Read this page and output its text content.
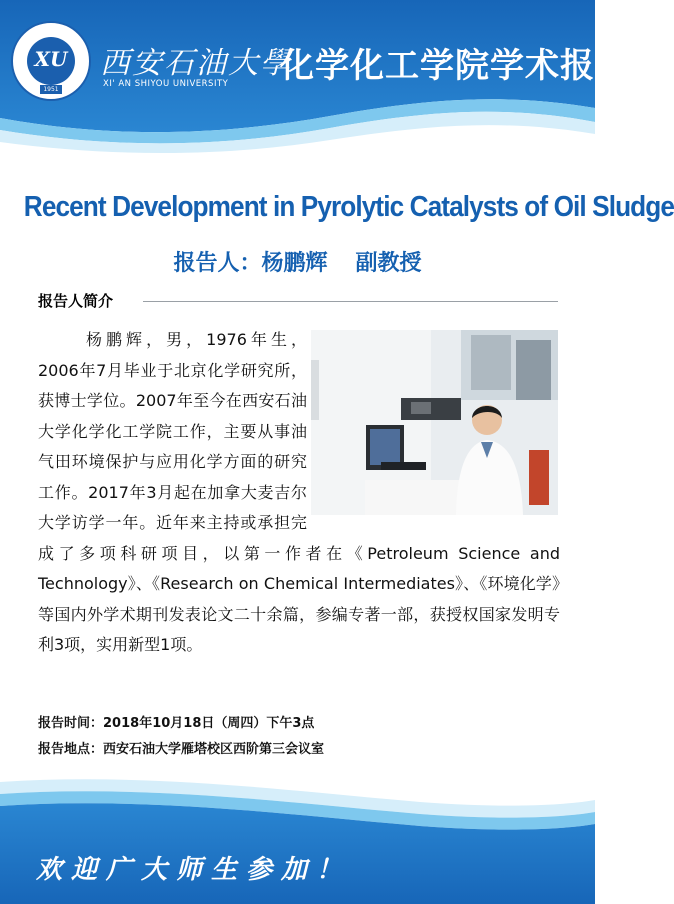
XU
1951
西安石油大學
XI' AN SHIYOU UNIVERSITY 化学化工学院学术报告
Recent Development in Pyrolytic Catalysts of Oil Sludge
报告人：杨鹏辉 副教授
报告人简介

杨鹏辉，男，1976年生，2006年7月毕业于北京化学研究所，获博士学位。2007年至今在西安石油大学化学化工学院工作，主要从事油气田环境保护与应用化学方面的研究工作。2017年3月起在加拿大麦吉尔大学访学一年。近年来主持或承担完成了多项科研项目，以第一作者在《Petroleum Science and Technology》、《Research on Chemical Intermediates》、《环境化学》等国内外学术期刊发表论文二十余篇，参编专著一部，获授权国家发明专利3项，实用新型1项。

报告时间：2018年10月18日（周四）下午3点
报告地点：西安石油大学雁塔校区西阶第三会议室
欢迎广大师生参加！
